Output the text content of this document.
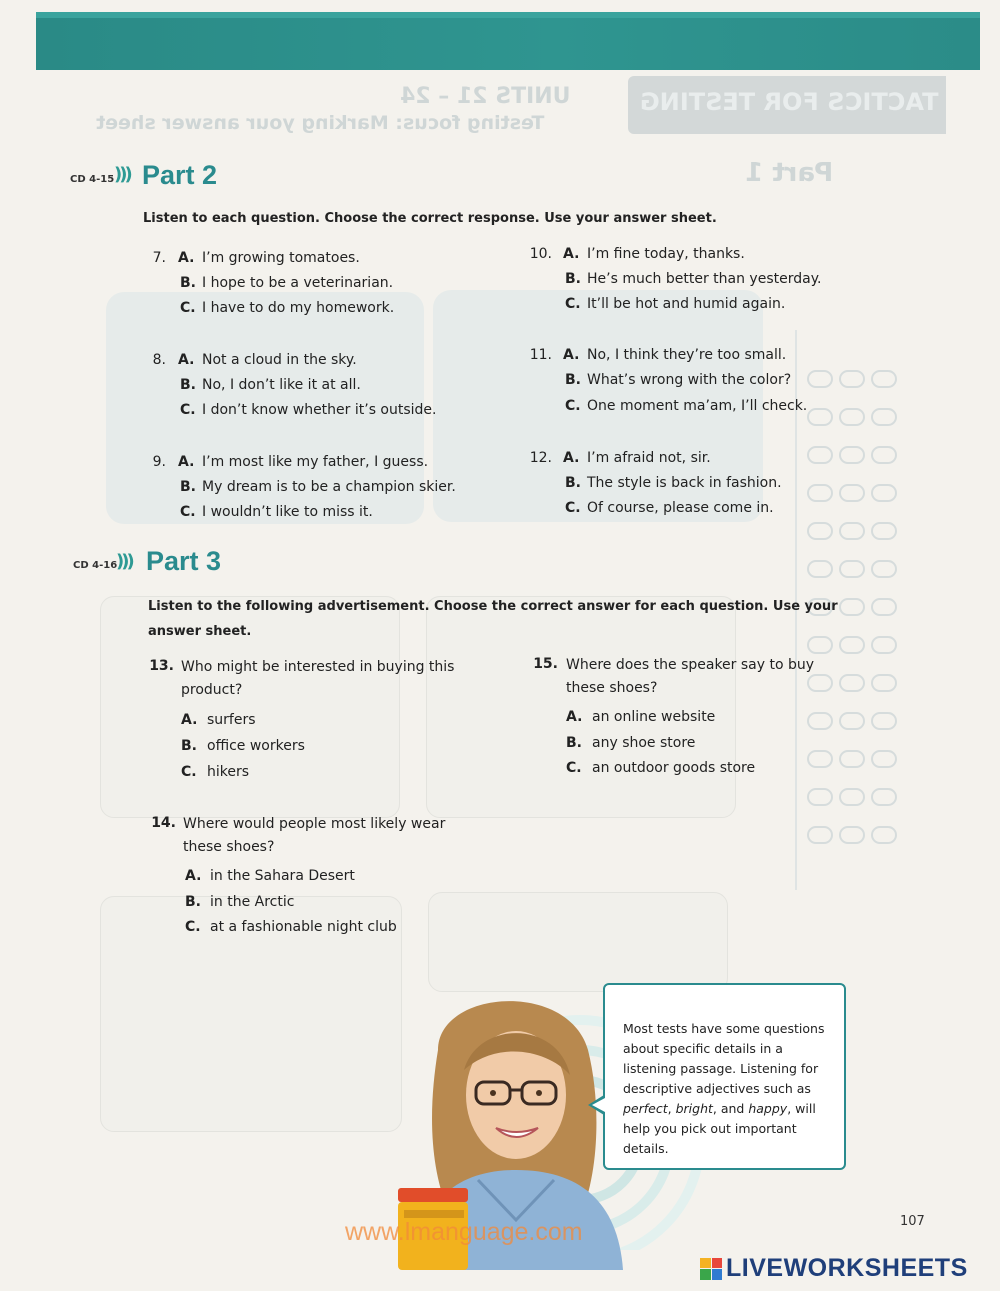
TACTICS FOR TESTING
UNITS 21 – 24
Testing focus: Marking your answer sheet
Part 1
CD 4-15 ))) Part 2
Listen to each question. Choose the correct response. Use your answer sheet.
7. A. I’m growing tomatoes.
B. I hope to be a veterinarian.
C. I have to do my homework.
8. A. Not a cloud in the sky.
B. No, I don’t like it at all.
C. I don’t know whether it’s outside.
9. A. I’m most like my father, I guess.
B. My dream is to be a champion skier.
C. I wouldn’t like to miss it.
10. A. I’m fine today, thanks.
B. He’s much better than yesterday.
C. It’ll be hot and humid again.
11. A. No, I think they’re too small.
B. What’s wrong with the color?
C. One moment ma’am, I’ll check.
12. A. I’m afraid not, sir.
B. The style is back in fashion.
C. Of course, please come in.
CD 4-16
))) Part 3
Listen to the following advertisement. Choose the correct answer for each question. Use your
answer sheet.
13. Who might be interested in buying this
product?
A. surfers
B. office workers
C. hikers
14. Where would people most likely wear
these shoes?
A. in the Sahara Desert
B. in the Arctic
C. at a fashionable night club
15. Where does the speaker say to buy
these shoes?
A. an online website
B. any shoe store
C. an outdoor goods store
Most tests have some questions
about specific details in a
listening passage. Listening for
descriptive adjectives such as
perfect, bright, and happy, will
help you pick out important
details.
107
www.lmanguage.com
LIVEWORKSHEETS
